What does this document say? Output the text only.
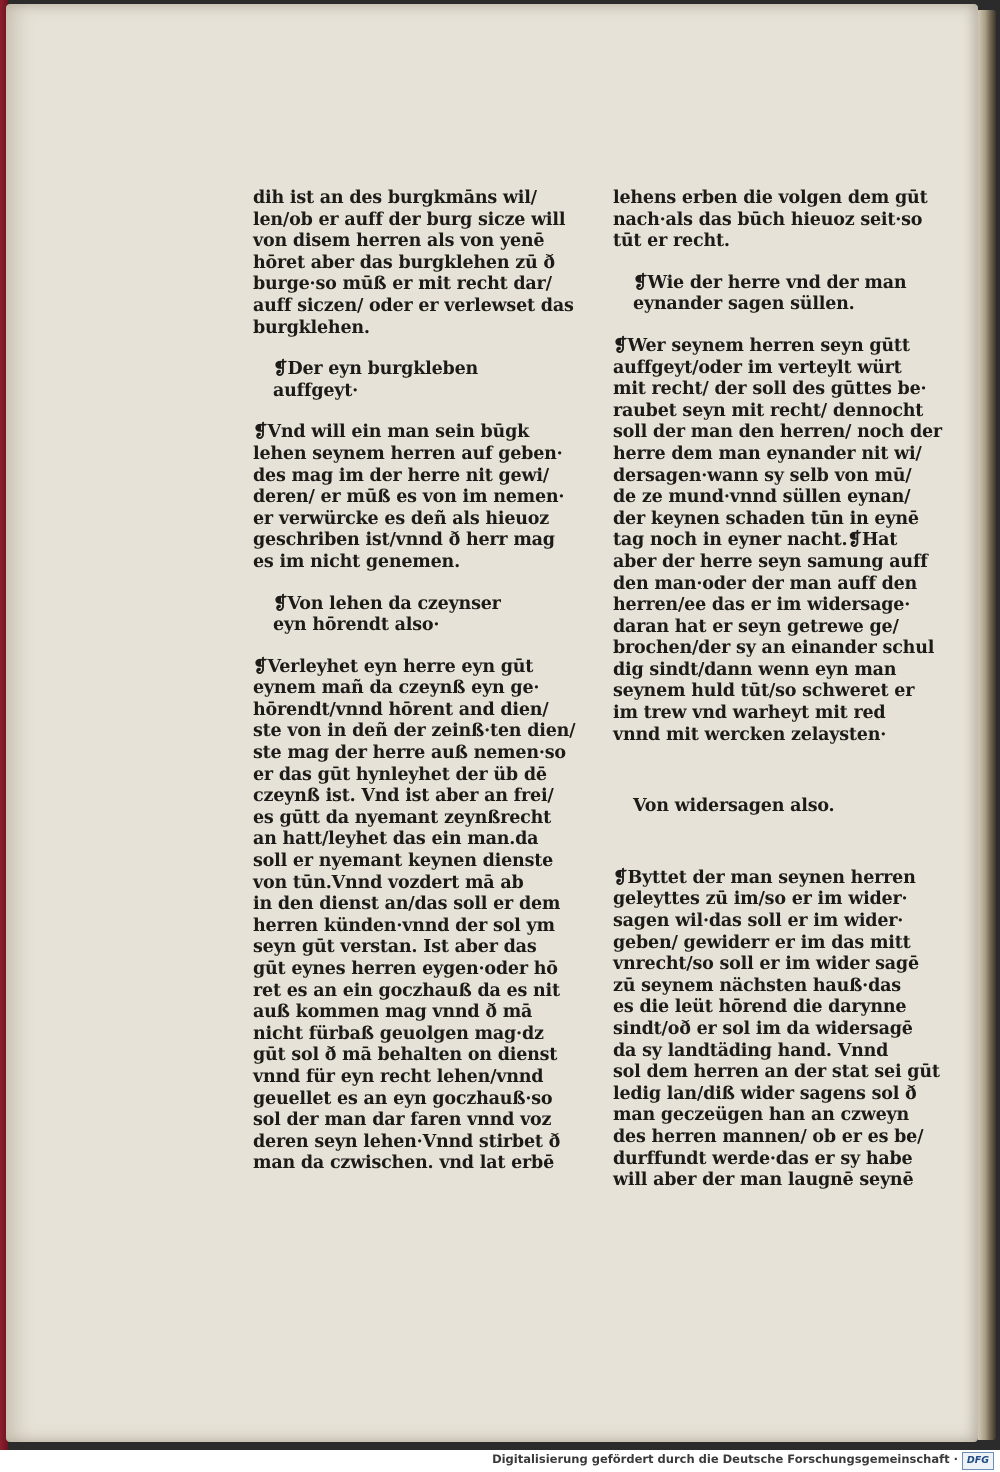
dih ist an des burgkmāns wil/
len/ob er auff der burg sicze will
von disem herren als von yenē
hōret aber das burgklehen zū ð
burge·so mūß er mit recht dar/
auff siczen/ oder er verlewset das
burgklehen.
❡Der eyn burgkleben
auffgeyt·
❡Vnd will ein man sein būgk
lehen seynem herren auf geben·
des mag im der herre nit gewi/
deren/ er mūß es von im nemen·
er verwürcke es deñ als hieuoz
geschriben ist/vnnd ð herr mag
es im nicht genemen.
❡Von lehen da czeynser
eyn hōrendt also·
❡Verleyhet eyn herre eyn gūt
eynem mañ da czeynß eyn ge·
hōrendt/vnnd hōrent and dien/
ste von in deñ der zeinß·ten dien/
ste mag der herre auß nemen·so
er das gūt hynleyhet der üb dē
czeynß ist. Vnd ist aber an frei/
es gūtt da nyemant zeynßrecht
an hatt/leyhet das ein man.da
soll er nyemant keynen dienste
von tūn.Vnnd vozdert mā ab
in den dienst an/das soll er dem
herren künden·vnnd der sol ym
seyn gūt verstan. Ist aber das
gūt eynes herren eygen·oder hō
ret es an ein goczhauß da es nit
auß kommen mag vnnd ð mā
nicht fürbaß geuolgen mag·dz
gūt sol ð mā behalten on dienst
vnnd für eyn recht lehen/vnnd
geuellet es an eyn goczhauß·so
sol der man dar faren vnnd voz
deren seyn lehen·Vnnd stirbet ð
man da czwischen. vnd lat erbē
lehens erben die volgen dem gūt
nach·als das būch hieuoz seit·so
tūt er recht.
❡Wie der herre vnd der man
eynander sagen süllen.
❡Wer seynem herren seyn gūtt
auffgeyt/oder im verteylt würt
mit recht/ der soll des gūttes be·
raubet seyn mit recht/ dennocht
soll der man den herren/ noch der
herre dem man eynander nit wi/
dersagen·wann sy selb von mū/
de ze mund·vnnd süllen eynan/
der keynen schaden tūn in eynē
tag noch in eyner nacht.❡Hat
aber der herre seyn samung auff
den man·oder der man auff den
herren/ee das er im widersage·
daran hat er seyn getrewe ge/
brochen/der sy an einander schul
dig sindt/dann wenn eyn man
seynem huld tūt/so schweret er
im trew vnd warheyt mit red
vnnd mit wercken zelaysten·
Von widersagen also.
❡Byttet der man seynen herren
geleyttes zū im/so er im wider·
sagen wil·das soll er im wider·
geben/ gewiderr er im das mitt
vnrecht/so soll er im wider sagē
zū seynem nächsten hauß·das
es die leüt hōrend die darynne
sindt/oð er sol im da widersagē
da sy landtäding hand. Vnnd
sol dem herren an der stat sei gūt
ledig lan/diß wider sagens sol ð
man geczeügen han an czweyn
des herren mannen/ ob er es be/
durffundt werde·das er sy habe
will aber der man laugnē seynē
Digitalisierung gefördert durch die Deutsche Forschungsgemeinschaft · DFG
